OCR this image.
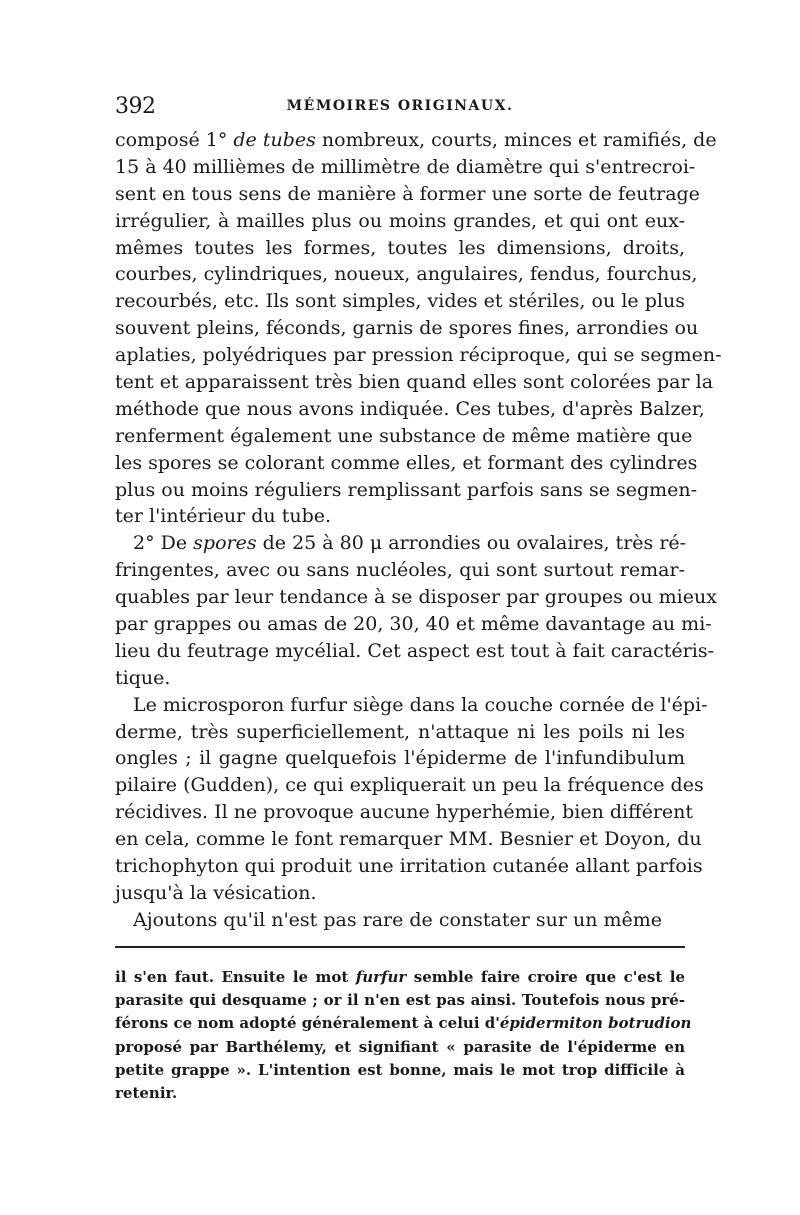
392	MÉMOIRES ORIGINAUX.
composé 1° de tubes nombreux, courts, minces et ramifiés, de
15 à 40 millièmes de millimètre de diamètre qui s'entrecroi-
sent en tous sens de manière à former une sorte de feutrage
irrégulier, à mailles plus ou moins grandes, et qui ont eux-
mêmes toutes les formes, toutes les dimensions, droits,
courbes, cylindriques, noueux, angulaires, fendus, fourchus,
recourbés, etc. Ils sont simples, vides et stériles, ou le plus
souvent pleins, féconds, garnis de spores fines, arrondies ou
aplaties, polyédriques par pression réciproque, qui se segmen-
tent et apparaissent très bien quand elles sont colorées par la
méthode que nous avons indiquée. Ces tubes, d'après Balzer,
renferment également une substance de même matière que
les spores se colorant comme elles, et formant des cylindres
plus ou moins réguliers remplissant parfois sans se segmen-
ter l'intérieur du tube.
2° De spores de 25 à 80 μ arrondies ou ovalaires, très ré-
fringentes, avec ou sans nucléoles, qui sont surtout remar-
quables par leur tendance à se disposer par groupes ou mieux
par grappes ou amas de 20, 30, 40 et même davantage au mi-
lieu du feutrage mycélial. Cet aspect est tout à fait caractéris-
tique.
Le microsporon furfur siège dans la couche cornée de l'épi-
derme, très superficiellement, n'attaque ni les poils ni les
ongles ; il gagne quelquefois l'épiderme de l'infundibulum
pilaire (Gudden), ce qui expliquerait un peu la fréquence des
récidives. Il ne provoque aucune hyperhémie, bien différent
en cela, comme le font remarquer MM. Besnier et Doyon, du
trichophyton qui produit une irritation cutanée allant parfois
jusqu'à la vésication.
Ajoutons qu'il n'est pas rare de constater sur un même
il s'en faut. Ensuite le mot furfur semble faire croire que c'est le
parasite qui desquame ; or il n'en est pas ainsi. Toutefois nous pré-
férons ce nom adopté généralement à celui d'épidermiton botrudion
proposé par Barthélemy, et signifiant « parasite de l'épiderme en
petite grappe ». L'intention est bonne, mais le mot trop difficile à
retenir.
